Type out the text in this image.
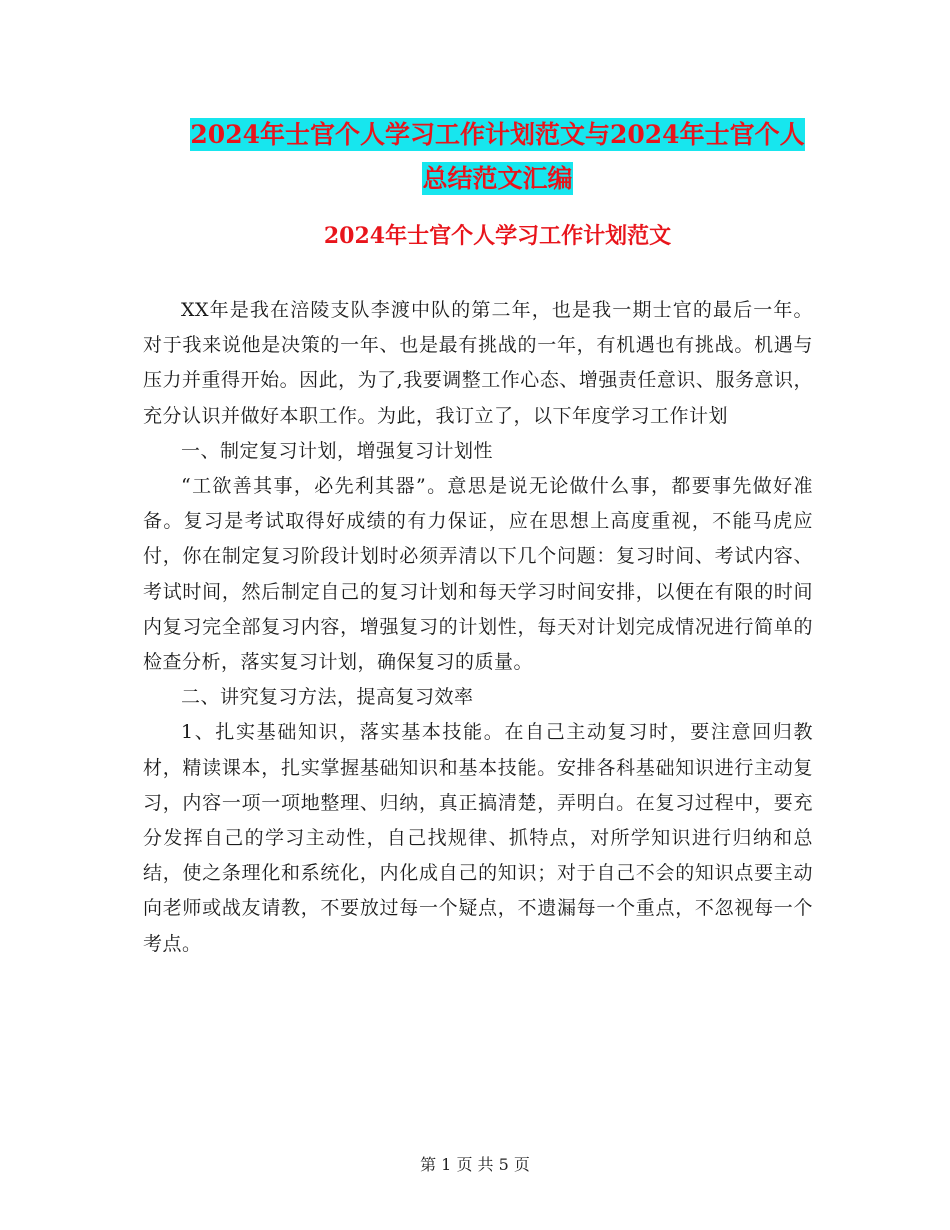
2024年士官个人学习工作计划范文与2024年士官个人
总结范文汇编
2024年士官个人学习工作计划范文

XX年是我在涪陵支队李渡中队的第二年，也是我一期士官的最后一年。对于我来说他是决策的一年、也是最有挑战的一年，有机遇也有挑战。机遇与压力并重得开始。因此，为了,我要调整工作心态、增强责任意识、服务意识，充分认识并做好本职工作。为此，我订立了，以下年度学习工作计划

一、制定复习计划，增强复习计划性

“工欲善其事，必先利其器”。意思是说无论做什么事，都要事先做好准备。复习是考试取得好成绩的有力保证，应在思想上高度重视，不能马虎应付，你在制定复习阶段计划时必须弄清以下几个问题：复习时间、考试内容、考试时间，然后制定自己的复习计划和每天学习时间安排，以便在有限的时间内复习完全部复习内容，增强复习的计划性，每天对计划完成情况进行简单的检查分析，落实复习计划，确保复习的质量。

二、讲究复习方法，提高复习效率

1、扎实基础知识，落实基本技能。在自己主动复习时，要注意回归教材，精读课本，扎实掌握基础知识和基本技能。安排各科基础知识进行主动复习，内容一项一项地整理、归纳，真正搞清楚，弄明白。在复习过程中，要充分发挥自己的学习主动性，自己找规律、抓特点，对所学知识进行归纳和总结，使之条理化和系统化，内化成自己的知识；对于自己不会的知识点要主动向老师或战友请教，不要放过每一个疑点，不遗漏每一个重点，不忽视每一个考点。

第 1 页 共 5 页
